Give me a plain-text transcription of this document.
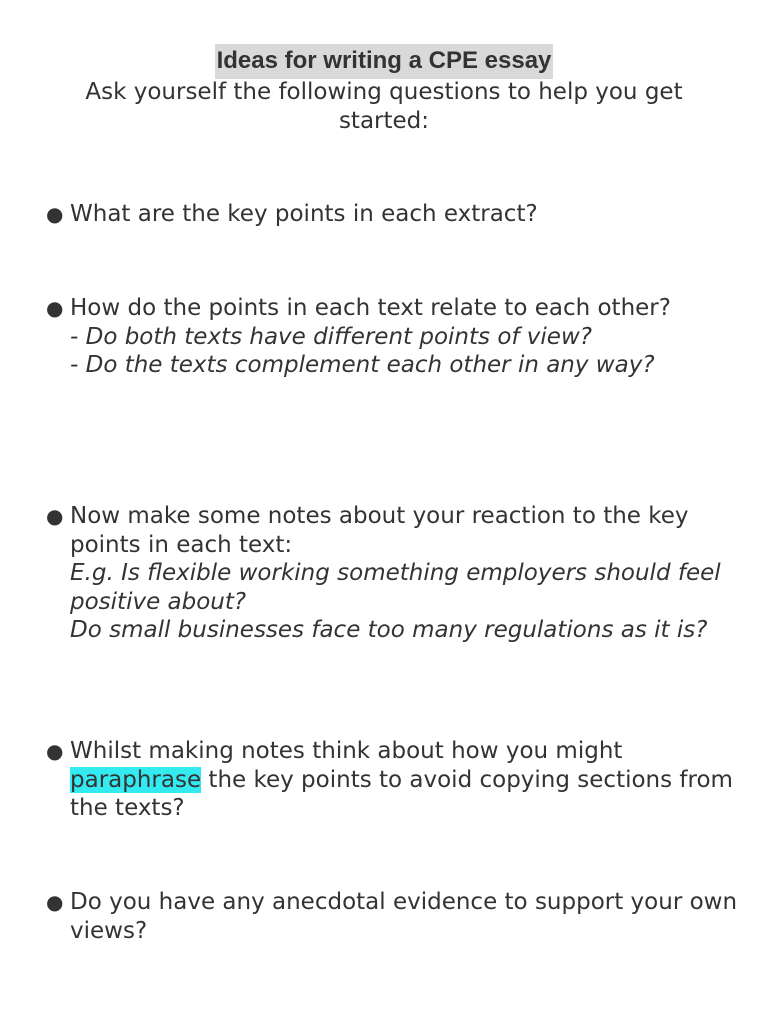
Ideas for writing a CPE essay

Ask yourself the following questions to help you get started:

● What are the key points in each extract?
● How do the points in each text relate to each other?
- Do both texts have different points of view?
- Do the texts complement each other in any way?
● Now make some notes about your reaction to the key points in each text:
E.g. Is flexible working something employers should feel positive about?
Do small businesses face too many regulations as it is?
● Whilst making notes think about how you might paraphrase the key points to avoid copying sections from the texts?
● Do you have any anecdotal evidence to support your own views?
